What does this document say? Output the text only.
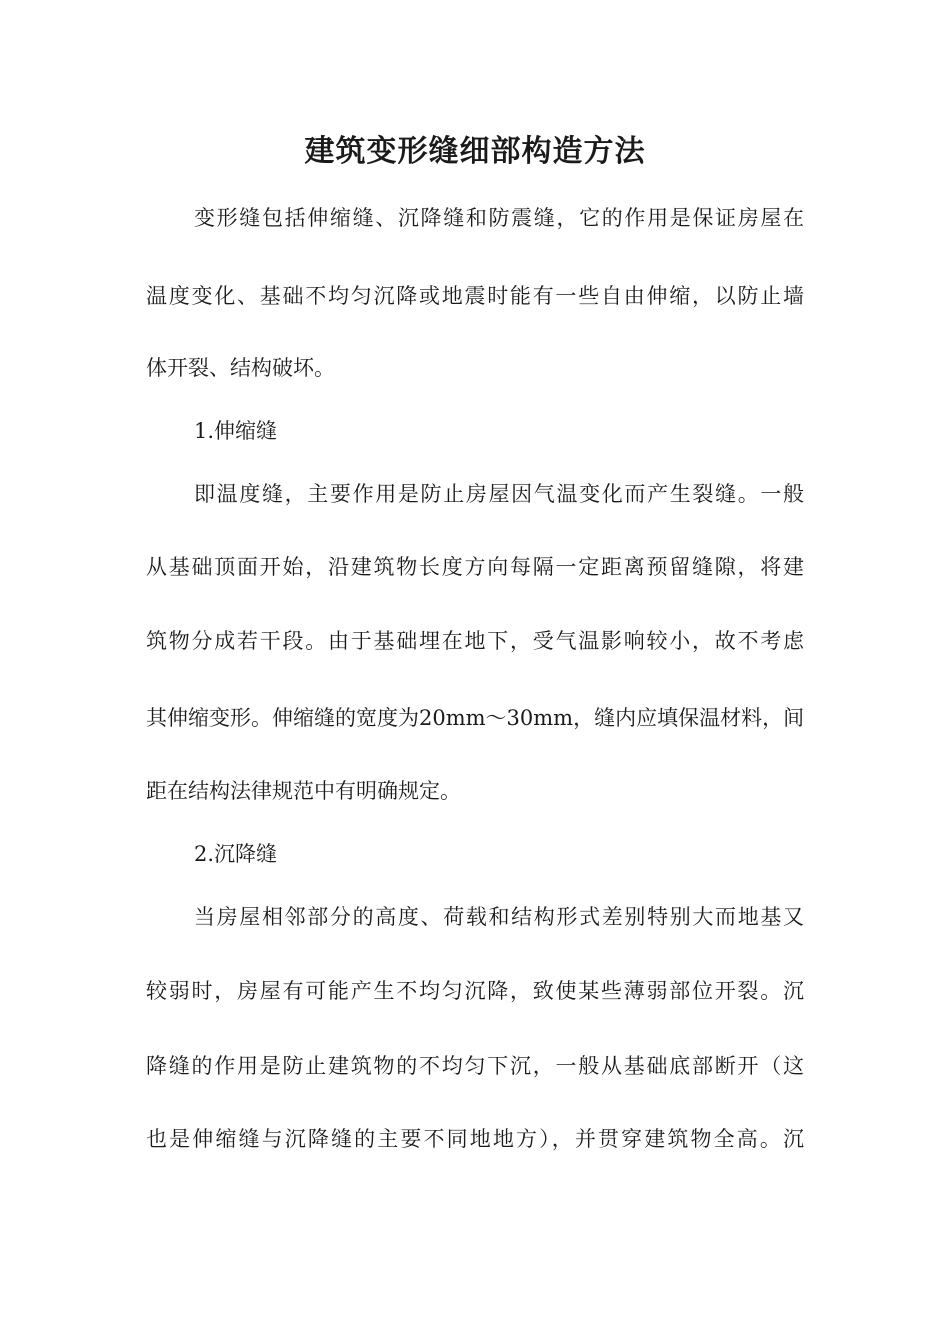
建筑变形缝细部构造方法
变形缝包括伸缩缝、沉降缝和防震缝，它的作用是保证房屋在
温度变化、基础不均匀沉降或地震时能有一些自由伸缩，以防止墙
体开裂、结构破坏。
1.伸缩缝
即温度缝，主要作用是防止房屋因气温变化而产生裂缝。一般
从基础顶面开始，沿建筑物长度方向每隔一定距离预留缝隙，将建
筑物分成若干段。由于基础埋在地下，受气温影响较小，故不考虑
其伸缩变形。伸缩缝的宽度为20mm～30mm，缝内应填保温材料，间
距在结构法律规范中有明确规定。
2.沉降缝
当房屋相邻部分的高度、荷载和结构形式差别特别大而地基又
较弱时，房屋有可能产生不均匀沉降，致使某些薄弱部位开裂。沉
降缝的作用是防止建筑物的不均匀下沉，一般从基础底部断开（这
也是伸缩缝与沉降缝的主要不同地地方），并贯穿建筑物全高。沉
